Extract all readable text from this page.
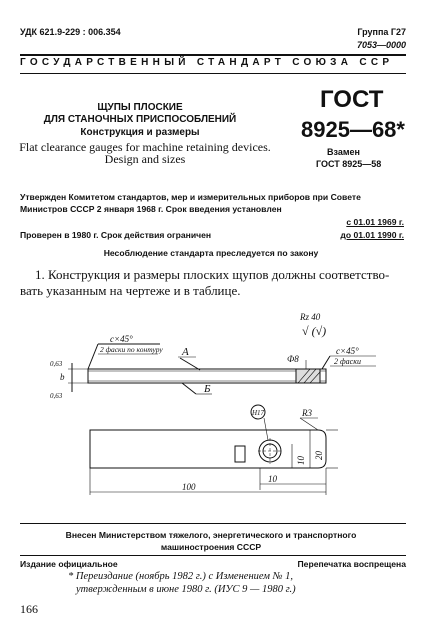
УДК 621.9-229 : 006.354	Группа Г27
7053—0000
ГОСУДАРСТВЕННЫЙ СТАНДАРТ СОЮЗА ССР
ЩУПЫ ПЛОСКИЕ
ДЛЯ СТАНОЧНЫХ ПРИСПОСОБЛЕНИЙ
Конструкция и размеры
Flat clearance gauges for machine retaining devices.
Design and sizes
ГОСТ
8925—68*
Взамен
ГОСТ 8925—58
Утвержден Комитетом стандартов, мер и измерительных приборов при Совете
Министров СССР 2 января 1968 г. Срок введения установлен
с 01.01 1969 г.
Проверен в 1980 г. Срок действия ограничен	до 01.01 1990 г.
Несоблюдение стандарта преследуется по закону
1. Конструкция и размеры плоских щупов должны соответство-
вать указанным на чертеже и в таблице.
Rz 40
√ (√)
c×45°
2 фаски по контуру А
Б
0,63
b
0,63
Ф8
c×45°
2 фаски
R3
Н17
20
10
10
100
Внесен Министерством тяжелого, энергетического и транспортного
машиностроения СССР
Издание официальное	Перепечатка воспрещена
* Переиздание (ноябрь 1982 г.) с Изменением № 1,
утвержденным в июне 1980 г. (ИУС 9 — 1980 г.)
166
